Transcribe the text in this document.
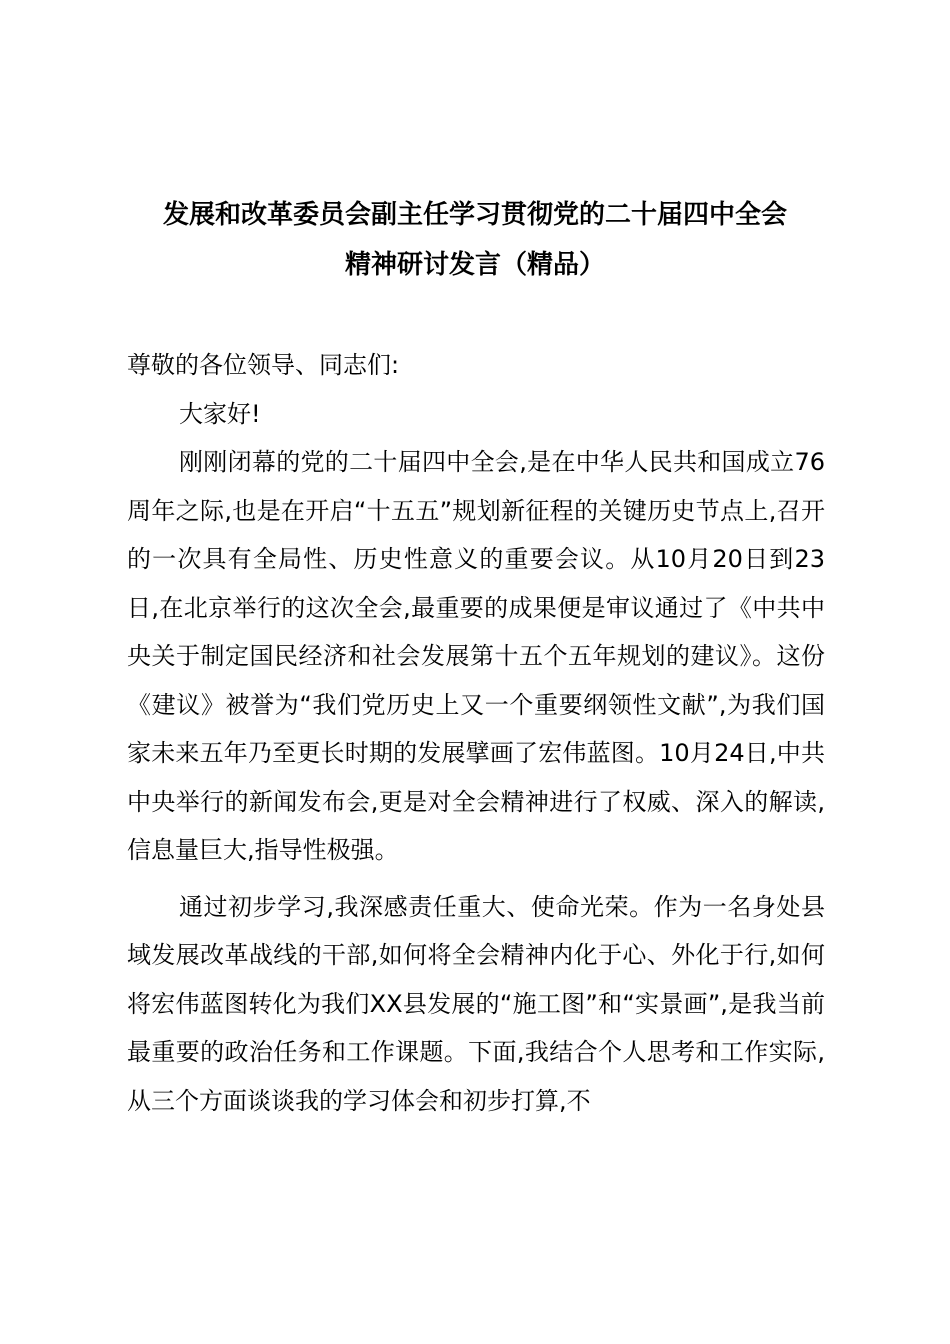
发展和改革委员会副主任学习贯彻党的二十届四中全会
精神研讨发言（精品）

尊敬的各位领导、同志们:

大家好!

刚刚闭幕的党的二十届四中全会,是在中华人民共和国成立76周年之际,也是在开启“十五五”规划新征程的关键历史节点上,召开的一次具有全局性、历史性意义的重要会议。从10月20日到23日,在北京举行的这次全会,最重要的成果便是审议通过了《中共中央关于制定国民经济和社会发展第十五个五年规划的建议》。这份《建议》被誉为“我们党历史上又一个重要纲领性文献”,为我们国家未来五年乃至更长时期的发展擘画了宏伟蓝图。10月24日,中共中央举行的新闻发布会,更是对全会精神进行了权威、深入的解读,信息量巨大,指导性极强。

通过初步学习,我深感责任重大、使命光荣。作为一名身处县域发展改革战线的干部,如何将全会精神内化于心、外化于行,如何将宏伟蓝图转化为我们XX县发展的“施工图”和“实景画”,是我当前最重要的政治任务和工作课题。下面,我结合个人思考和工作实际,从三个方面谈谈我的学习体会和初步打算,不
